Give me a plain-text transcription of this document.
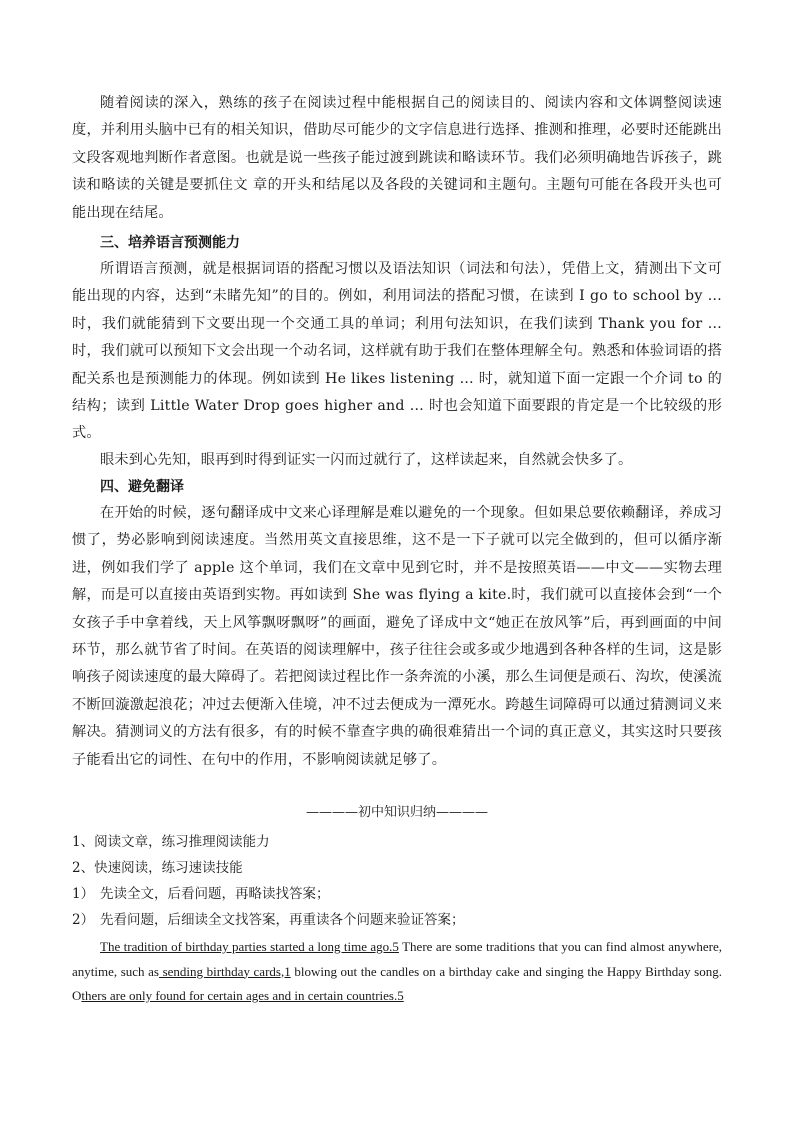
随着阅读的深入，熟练的孩子在阅读过程中能根据自己的阅读目的、阅读内容和文体调整阅读速度，并利用头脑中已有的相关知识，借助尽可能少的文字信息进行选择、推测和推理，必要时还能跳出文段客观地判断作者意图。也就是说一些孩子能过渡到跳读和略读环节。我们必须明确地告诉孩子，跳读和略读的关键是要抓住文 章的开头和结尾以及各段的关键词和主题句。主题句可能在各段开头也可能出现在结尾。

三、培养语言预测能力

所谓语言预测，就是根据词语的搭配习惯以及语法知识（词法和句法），凭借上文，猜测出下文可能出现的内容，达到“未睹先知”的目的。例如，利用词法的搭配习惯，在读到 I go to school by … 时，我们就能猜到下文要出现一个交通工具的单词；利用句法知识，在我们读到 Thank you for … 时，我们就可以预知下文会出现一个动名词，这样就有助于我们在整体理解全句。熟悉和体验词语的搭配关系也是预测能力的体现。例如读到 He likes listening … 时，就知道下面一定跟一个介词 to 的结构；读到 Little Water Drop goes higher and … 时也会知道下面要跟的肯定是一个比较级的形式。

眼未到心先知，眼再到时得到证实一闪而过就行了，这样读起来，自然就会快多了。

四、避免翻译

在开始的时候，逐句翻译成中文来心译理解是难以避免的一个现象。但如果总要依赖翻译，养成习惯了，势必影响到阅读速度。当然用英文直接思维，这不是一下子就可以完全做到的，但可以循序渐进，例如我们学了 apple 这个单词，我们在文章中见到它时，并不是按照英语——中文——实物去理解，而是可以直接由英语到实物。再如读到 She was flying a kite.时，我们就可以直接体会到“一个女孩子手中拿着线，天上风筝飘呀飘呀”的画面，避免了译成中文“她正在放风筝”后，再到画面的中间环节，那么就节省了时间。在英语的阅读理解中，孩子往往会或多或少地遇到各种各样的生词，这是影响孩子阅读速度的最大障碍了。若把阅读过程比作一条奔流的小溪，那么生词便是顽石、沟坎，使溪流不断回漩激起浪花；冲过去便渐入佳境，冲不过去便成为一潭死水。跨越生词障碍可以通过猜测词义来解决。猜测词义的方法有很多，有的时候不靠查字典的确很难猜出一个词的真正意义，其实这时只要孩子能看出它的词性、在句中的作用，不影响阅读就足够了。

————初中知识归纳————

1、阅读文章，练习推理阅读能力

2、快速阅读，练习速读技能

1） 先读全文，后看问题，再略读找答案；

2） 先看问题，后细读全文找答案，再重读各个问题来验证答案；

The tradition of birthday parties started a long time ago.5 There are some traditions that you can find almost anywhere, anytime, such as sending birthday cards,1 blowing out the candles on a birthday cake and singing the Happy Birthday song. Others are only found for certain ages and in certain countries.5
